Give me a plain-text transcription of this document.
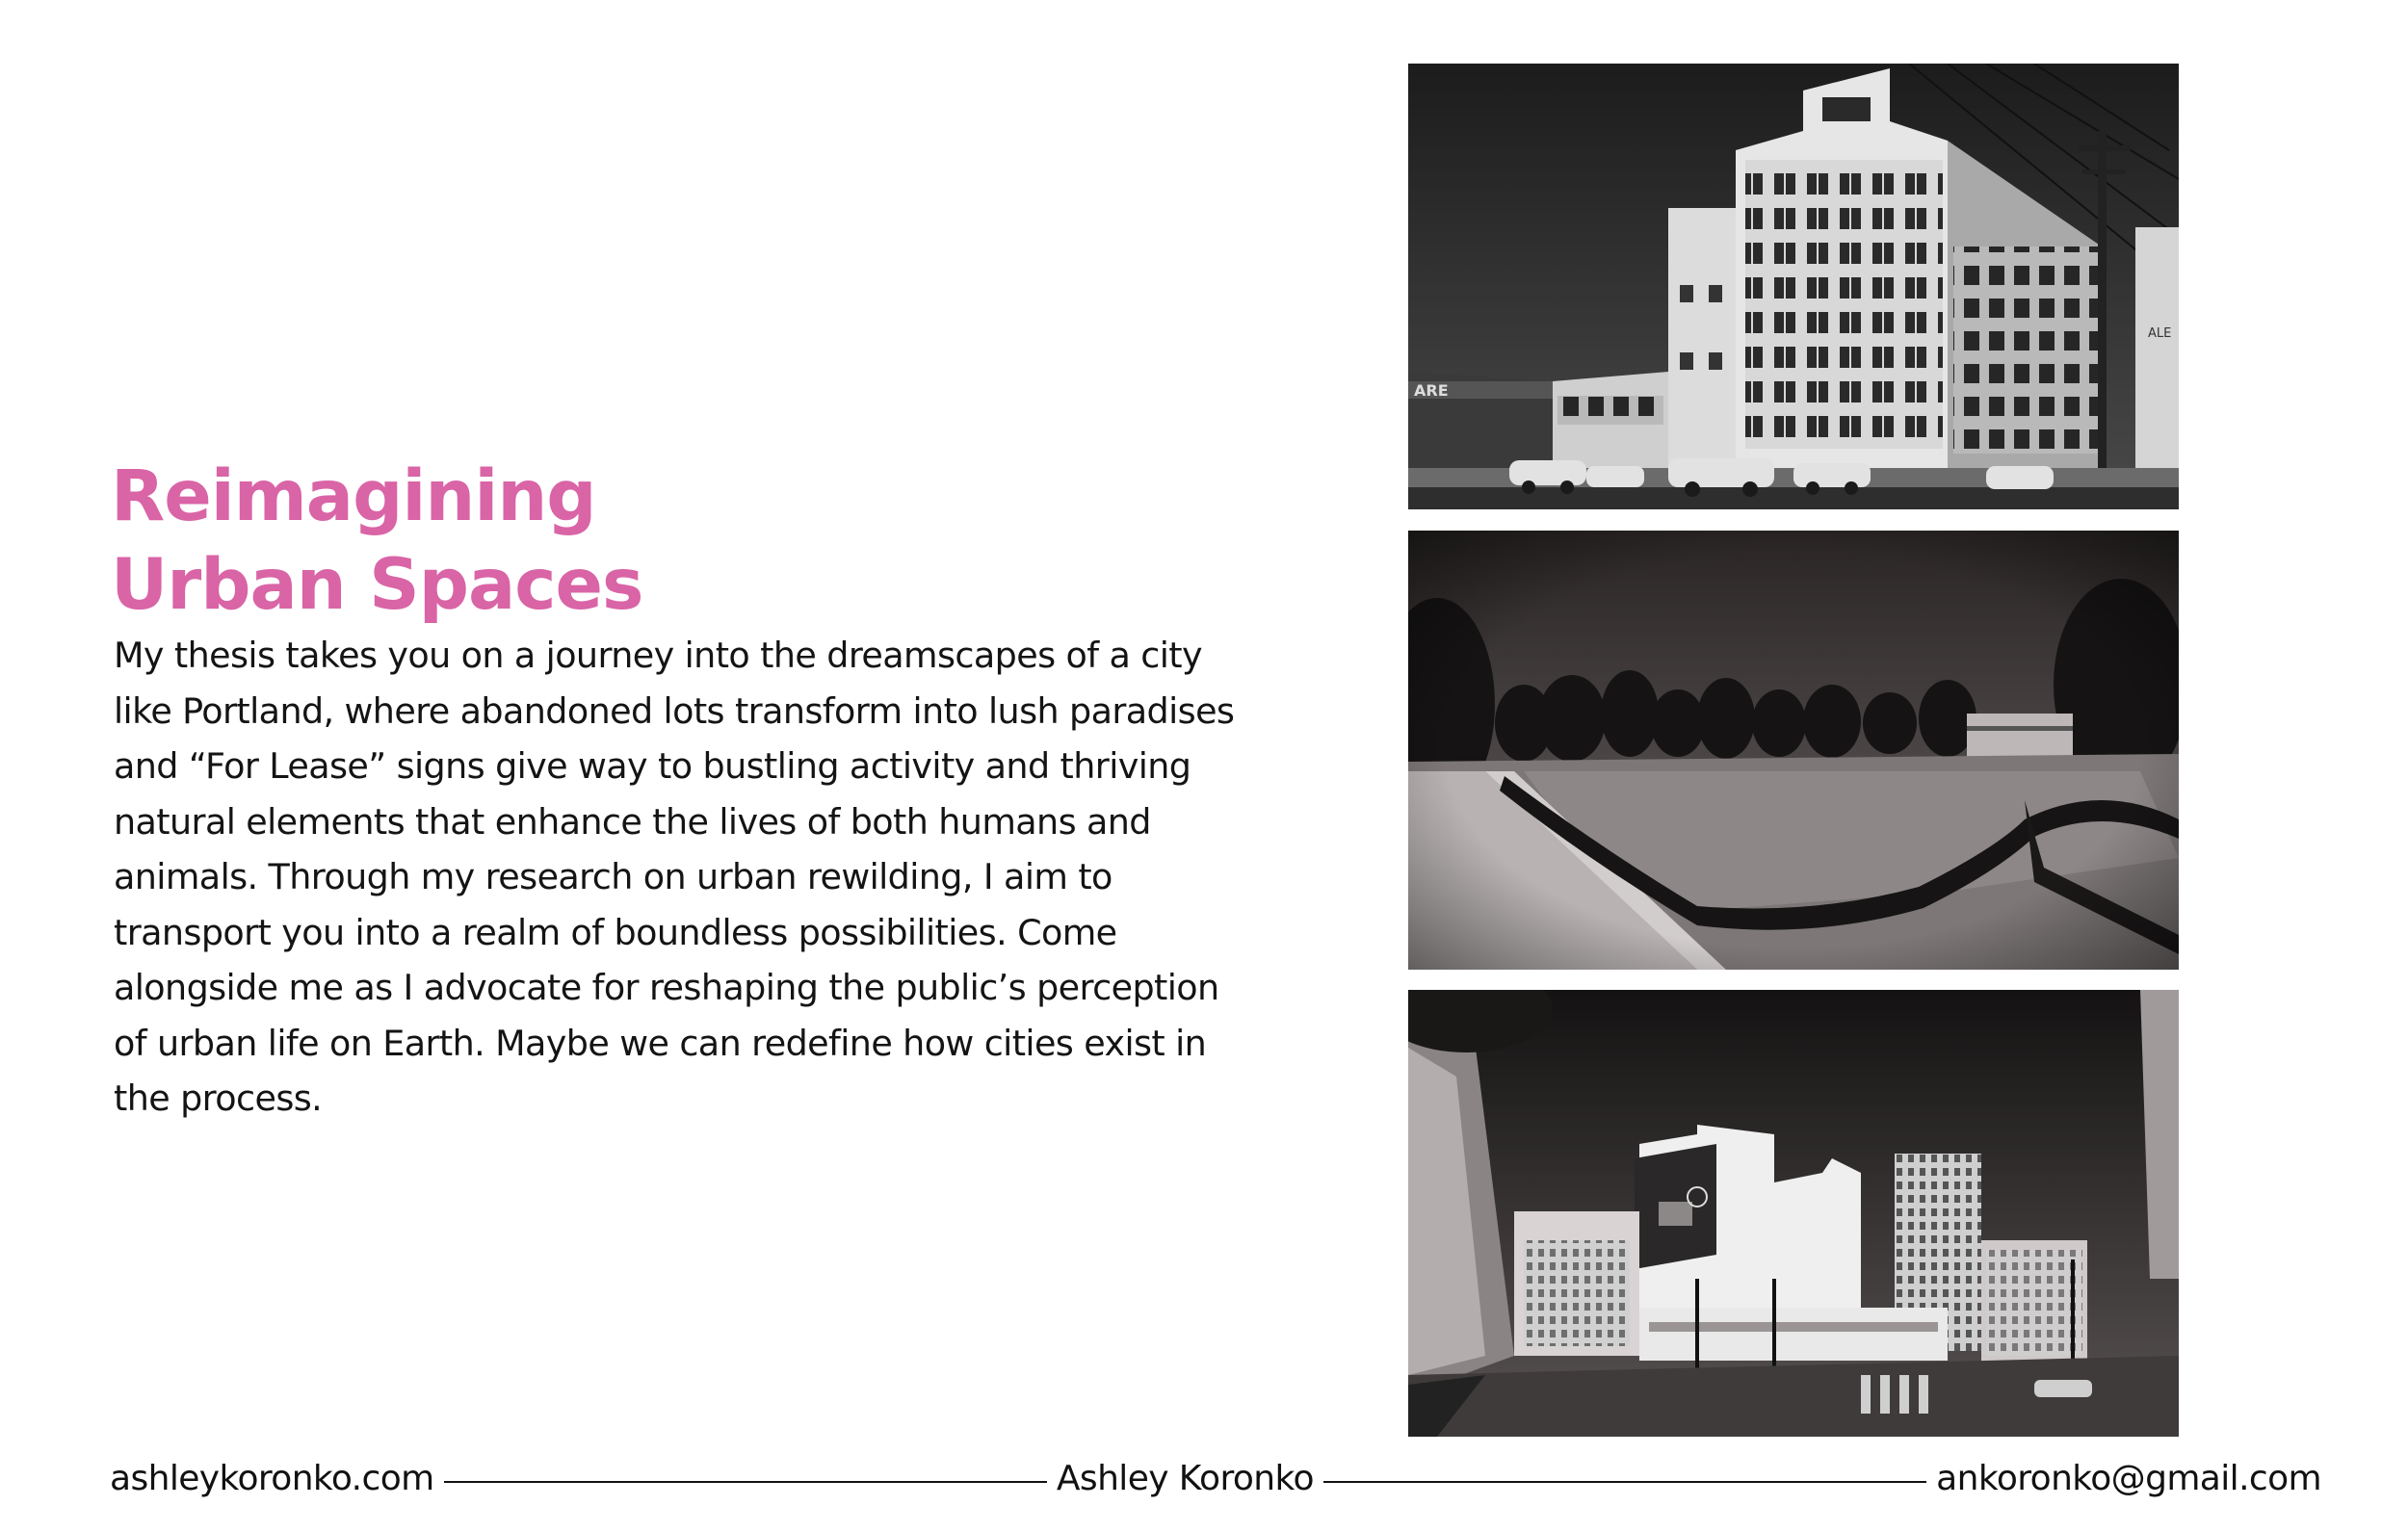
Reimagining
Urban Spaces

My thesis takes you on a journey into the dreamscapes of a city like Portland, where abandoned lots transform into lush paradises and “For Lease” signs give way to bustling activity and thriving natural elements that enhance the lives of both humans and animals. Through my research on urban rewilding, I aim to transport you into a realm of boundless possibilities. Come alongside me as I advocate for reshaping the public’s perception of urban life on Earth. Maybe we can redefine how cities exist in the process.

ARE
ALE
ashleykoronko.com	Ashley Koronko	ankoronko@gmail.com
